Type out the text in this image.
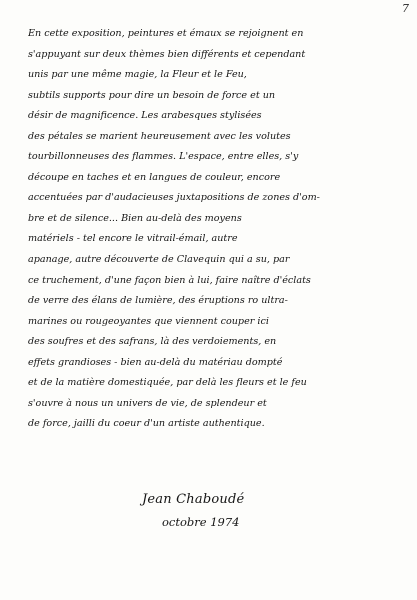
7
En cette exposition, peintures et émaux se rejoignent en
s'appuyant sur deux thèmes bien différents et cependant
unis par une même magie, la Fleur et le Feu,
subtils supports pour dire un besoin de force et un
désir de magnificence. Les arabesques stylisées
des pétales se marient heureusement avec les volutes
tourbillonneuses des flammes. L'espace, entre elles, s'y
découpe en taches et en langues de couleur, encore
accentuées par d'audacieuses juxtapositions de zones d'om-
bre et de silence... Bien au-delà des moyens
matériels - tel encore le vitrail-émail, autre
apanage, autre découverte de Clavequin qui a su, par
ce truchement, d'une façon bien à lui, faire naître d'éclats
de verre des élans de lumière, des éruptions ro ultra-
marines ou rougeoyantes que viennent couper ici
des soufres et des safrans, là des verdoiements, en
effets grandioses - bien au-delà du matériau dompté
et de la matière domestiquée, par delà les fleurs et le feu
s'ouvre à nous un univers de vie, de splendeur et
de force, jailli du coeur d'un artiste authentique.
Jean Chaboudé
octobre 1974
